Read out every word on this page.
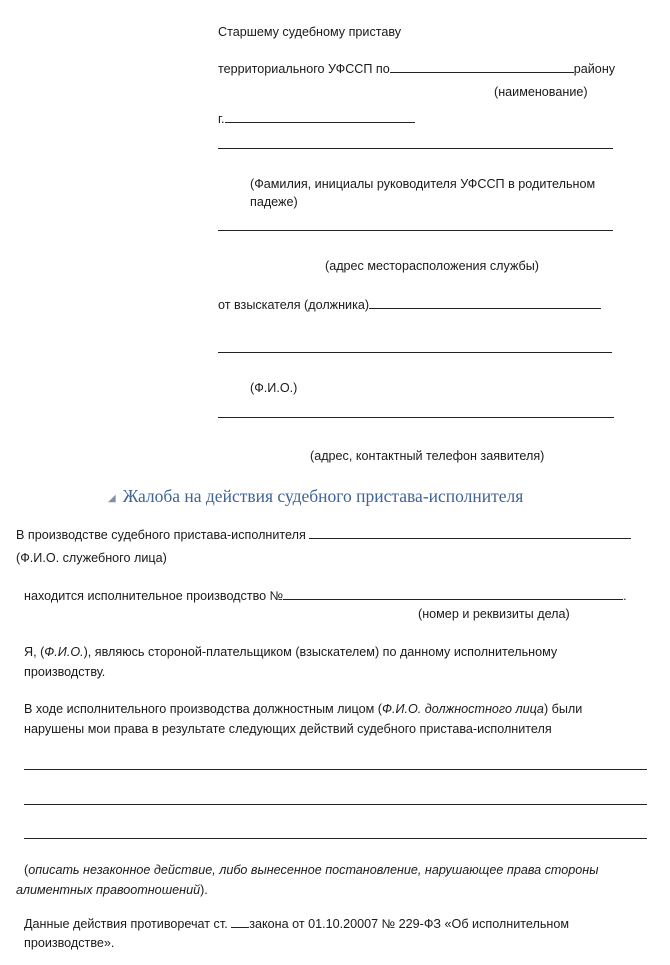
Старшему судебному приставу
территориального УФССП по	району
(наименование)
г.
(Фамилия, инициалы руководителя УФССП в родительном
падеже)
(адрес месторасположения службы)
от взыскателя (должника)
(Ф.И.О.)
(адрес, контактный телефон заявителя)
◢ Жалоба на действия судебного пристава-исполнителя
В производстве судебного пристава-исполнителя
(Ф.И.О. служебного лица)
находится исполнительное производство №	.
(номер и реквизиты дела)
Я, (Ф.И.О.), являюсь стороной-плательщиком (взыскателем) по данному исполнительному
производству.
В ходе исполнительного производства должностным лицом (Ф.И.О. должностного лица) были
нарушены мои права в результате следующих действий судебного пристава-исполнителя
(описать незаконное действие, либо вынесенное постановление, нарушающее права стороны
алиментных правоотношений).
Данные действия противоречат ст. закона от 01.10.20007 № 229-ФЗ «Об исполнительном
производстве».
